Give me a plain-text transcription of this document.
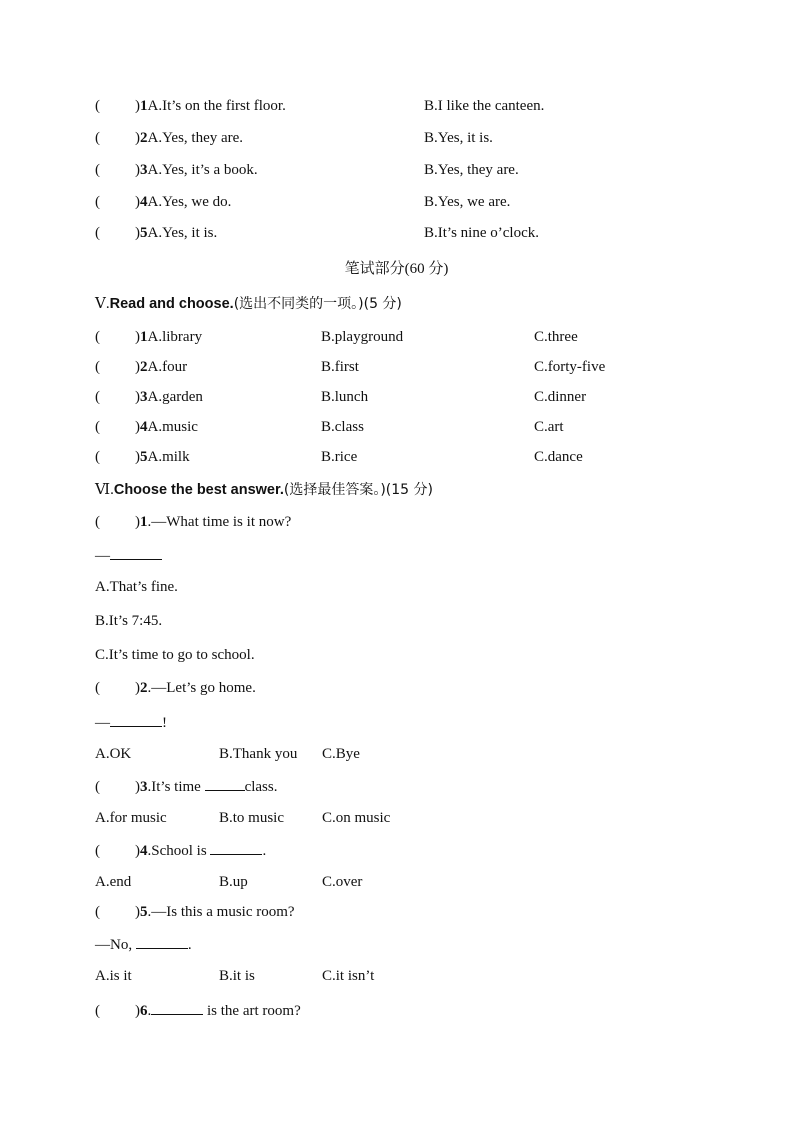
( )1A.It’s on the first floor.	B.I like the canteen.
( )2A.Yes, they are.	B.Yes, it is.
( )3A.Yes, it’s a book.	B.Yes, they are.
( )4A.Yes, we do.	B.Yes, we are.
( )5A.Yes, it is.	B.It’s nine o’clock.
笔试部分(60 分)
Ⅴ.Read and choose.(选出不同类的一项。)(5 分)
( )1A.library	B.playground	C.three
( )2A.four	B.first	C.forty-five
( )3A.garden	B.lunch	C.dinner
( )4A.music	B.class	C.art
( )5A.milk	B.rice	C.dance
Ⅵ.Choose the best answer.(选择最佳答案。)(15 分)
( )1.—What time is it now?
—
A.That’s fine.
B.It’s 7:45.
C.It’s time to go to school.
( )2.—Let’s go home.
—	!
A.OK	B.Thank you C.Bye
( )3.It’s time	class.
A.for music	B.to music	C.on music
( )4.School is	.
A.end	B.up	C.over
( )5.—Is this a music room?
—No,	.
A.is it	B.it is	C.it isn’t
( )6.	is the art room?
